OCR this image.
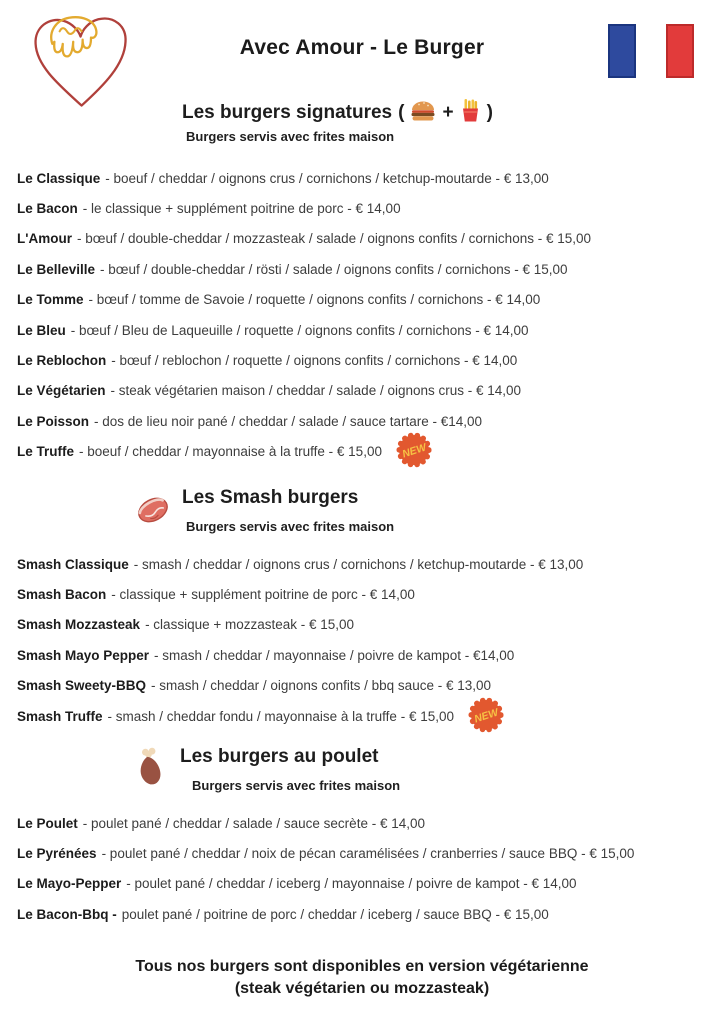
Avec Amour - Le Burger
Les burgers signatures ( + )
Burgers servis avec frites maison
Le Classique - boeuf / cheddar / oignons crus / cornichons / ketchup-moutarde - € 13,00
Le Bacon - le classique + supplément poitrine de porc - € 14,00
L'Amour - bœuf / double-cheddar / mozzasteak / salade / oignons confits / cornichons - € 15,00
Le Belleville - bœuf / double-cheddar / rösti / salade / oignons confits / cornichons - € 15,00
Le Tomme - bœuf / tomme de Savoie / roquette / oignons confits / cornichons - € 14,00
Le Bleu - bœuf / Bleu de Laqueuille / roquette / oignons confits / cornichons - € 14,00
Le Reblochon - bœuf / reblochon / roquette / oignons confits / cornichons - € 14,00
Le Végétarien - steak végétarien maison / cheddar / salade / oignons crus - € 14,00
Le Poisson - dos de lieu noir pané / cheddar / salade / sauce tartare - €14,00
Le Truffe - boeuf / cheddar / mayonnaise à la truffe - € 15,00 NEW
Les Smash burgers
Burgers servis avec frites maison
Smash Classique - smash / cheddar / oignons crus / cornichons / ketchup-moutarde - € 13,00
Smash Bacon - classique + supplément poitrine de porc - € 14,00
Smash Mozzasteak - classique + mozzasteak - € 15,00
Smash Mayo Pepper - smash / cheddar / mayonnaise / poivre de kampot - €14,00
Smash Sweety-BBQ - smash / cheddar / oignons confits / bbq sauce - € 13,00
Smash Truffe - smash / cheddar fondu / mayonnaise à la truffe - € 15,00 NEW
Les burgers au poulet
Burgers servis avec frites maison
Le Poulet - poulet pané / cheddar / salade / sauce secrète - € 14,00
Le Pyrénées - poulet pané / cheddar / noix de pécan caramélisées / cranberries / sauce BBQ - € 15,00
Le Mayo-Pepper - poulet pané / cheddar / iceberg / mayonnaise / poivre de kampot - € 14,00
Le Bacon-Bbq - poulet pané / poitrine de porc / cheddar / iceberg / sauce BBQ - € 15,00
Tous nos burgers sont disponibles en version végétarienne
(steak végétarien ou mozzasteak)
